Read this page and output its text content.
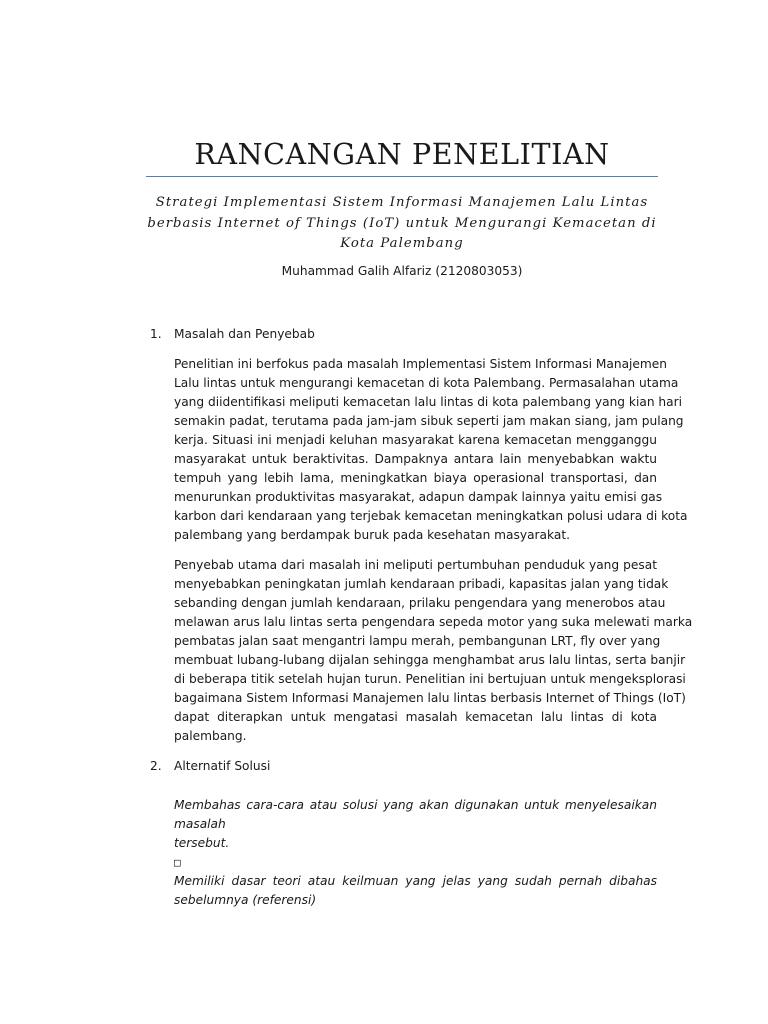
RANCANGAN PENELITIAN
Strategi Implementasi Sistem Informasi Manajemen Lalu Lintas
berbasis Internet of Things (IoT) untuk Mengurangi Kemacetan di
Kota Palembang
Muhammad Galih Alfariz (2120803053)
1. Masalah dan Penyebab
Penelitian ini berfokus pada masalah Implementasi Sistem Informasi Manajemen
Lalu lintas untuk mengurangi kemacetan di kota Palembang. Permasalahan utama
yang diidentifikasi meliputi kemacetan lalu lintas di kota palembang yang kian hari
semakin padat, terutama pada jam-jam sibuk seperti jam makan siang, jam pulang
kerja. Situasi ini menjadi keluhan masyarakat karena kemacetan mengganggu
masyarakat untuk beraktivitas. Dampaknya antara lain menyebabkan waktu
tempuh yang lebih lama, meningkatkan biaya operasional transportasi, dan
menurunkan produktivitas masyarakat, adapun dampak lainnya yaitu emisi gas
karbon dari kendaraan yang terjebak kemacetan meningkatkan polusi udara di kota
palembang yang berdampak buruk pada kesehatan masyarakat.
Penyebab utama dari masalah ini meliputi pertumbuhan penduduk yang pesat
menyebabkan peningkatan jumlah kendaraan pribadi, kapasitas jalan yang tidak
sebanding dengan jumlah kendaraan, prilaku pengendara yang menerobos atau
melawan arus lalu lintas serta pengendara sepeda motor yang suka melewati marka
pembatas jalan saat mengantri lampu merah, pembangunan LRT, fly over yang
membuat lubang-lubang dijalan sehingga menghambat arus lalu lintas, serta banjir
di beberapa titik setelah hujan turun. Penelitian ini bertujuan untuk mengeksplorasi
bagaimana Sistem Informasi Manajemen lalu lintas berbasis Internet of Things (IoT)
dapat diterapkan untuk mengatasi masalah kemacetan lalu lintas di kota
palembang.
2. Alternatif Solusi
Membahas cara-cara atau solusi yang akan digunakan untuk menyelesaikan
masalah
tersebut.
□
Memiliki dasar teori atau keilmuan yang jelas yang sudah pernah dibahas
sebelumnya (referensi)
